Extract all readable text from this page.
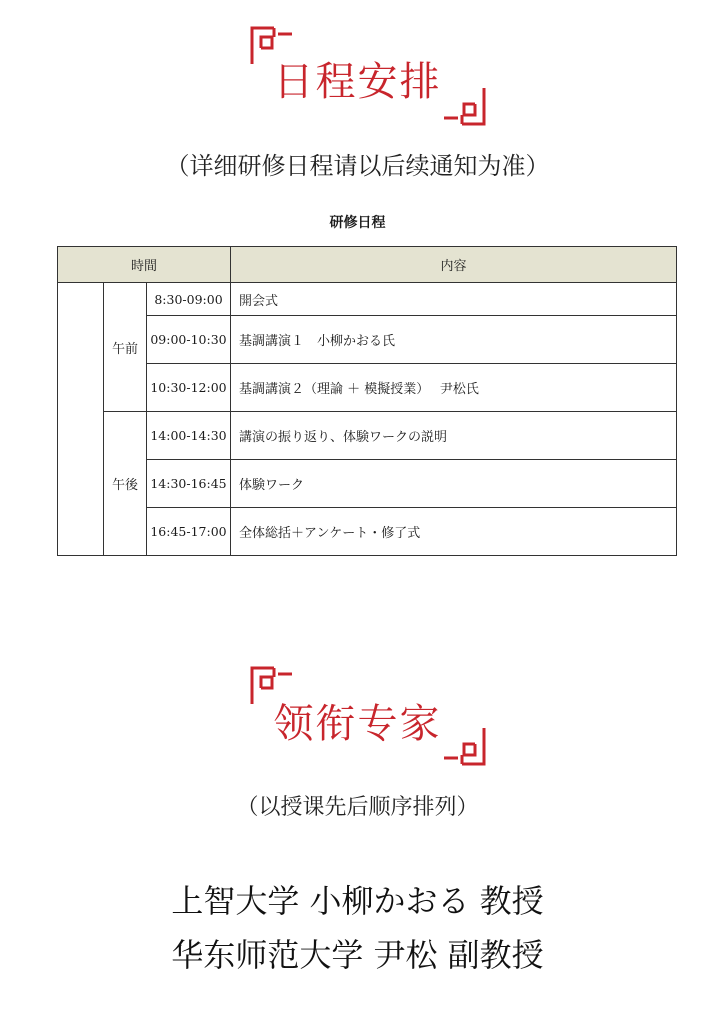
日程安排
（详细研修日程请以后续通知为准）
研修日程
時間			内容
	午前	8:30-09:00	開会式
		09:00-10:30	基調講演１　小柳かおる氏
		10:30-12:00	基調講演２（理論 ＋ 模擬授業）　 尹松氏
	午後	14:00-14:30	講演の振り返り、体験ワークの説明
		14:30-16:45	体験ワーク
		16:45-17:00	全体総括＋アンケート・修了式
领衔专家
（以授课先后顺序排列）
上智大学 小柳かおる 教授
华东师范大学 尹松 副教授
